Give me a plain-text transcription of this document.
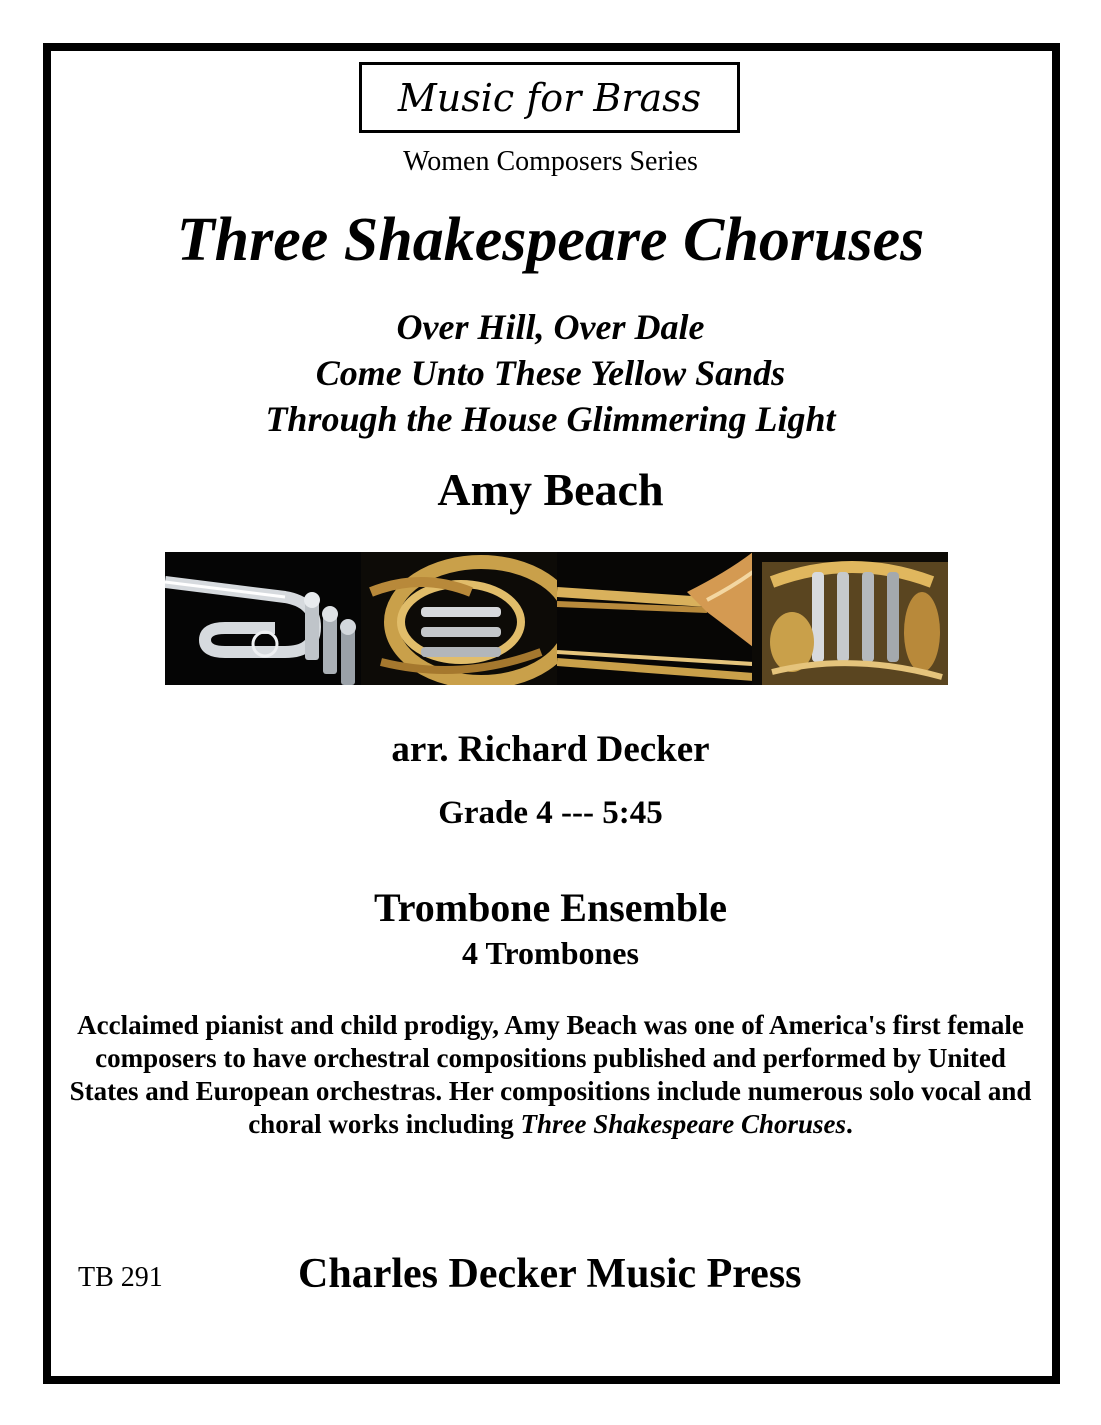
Music for Brass
Women Composers Series
Three Shakespeare Choruses
Over Hill, Over Dale
Come Unto These Yellow Sands
Through the House Glimmering Light
Amy Beach
arr. Richard Decker
Grade 4 --- 5:45
Trombone Ensemble
4 Trombones
Acclaimed pianist and child prodigy, Amy Beach was one of America's first female composers to have orchestral compositions published and performed by United States and European orchestras. Her compositions include numerous solo vocal and choral works including Three Shakespeare Choruses.
TB 291	Charles Decker Music Press
